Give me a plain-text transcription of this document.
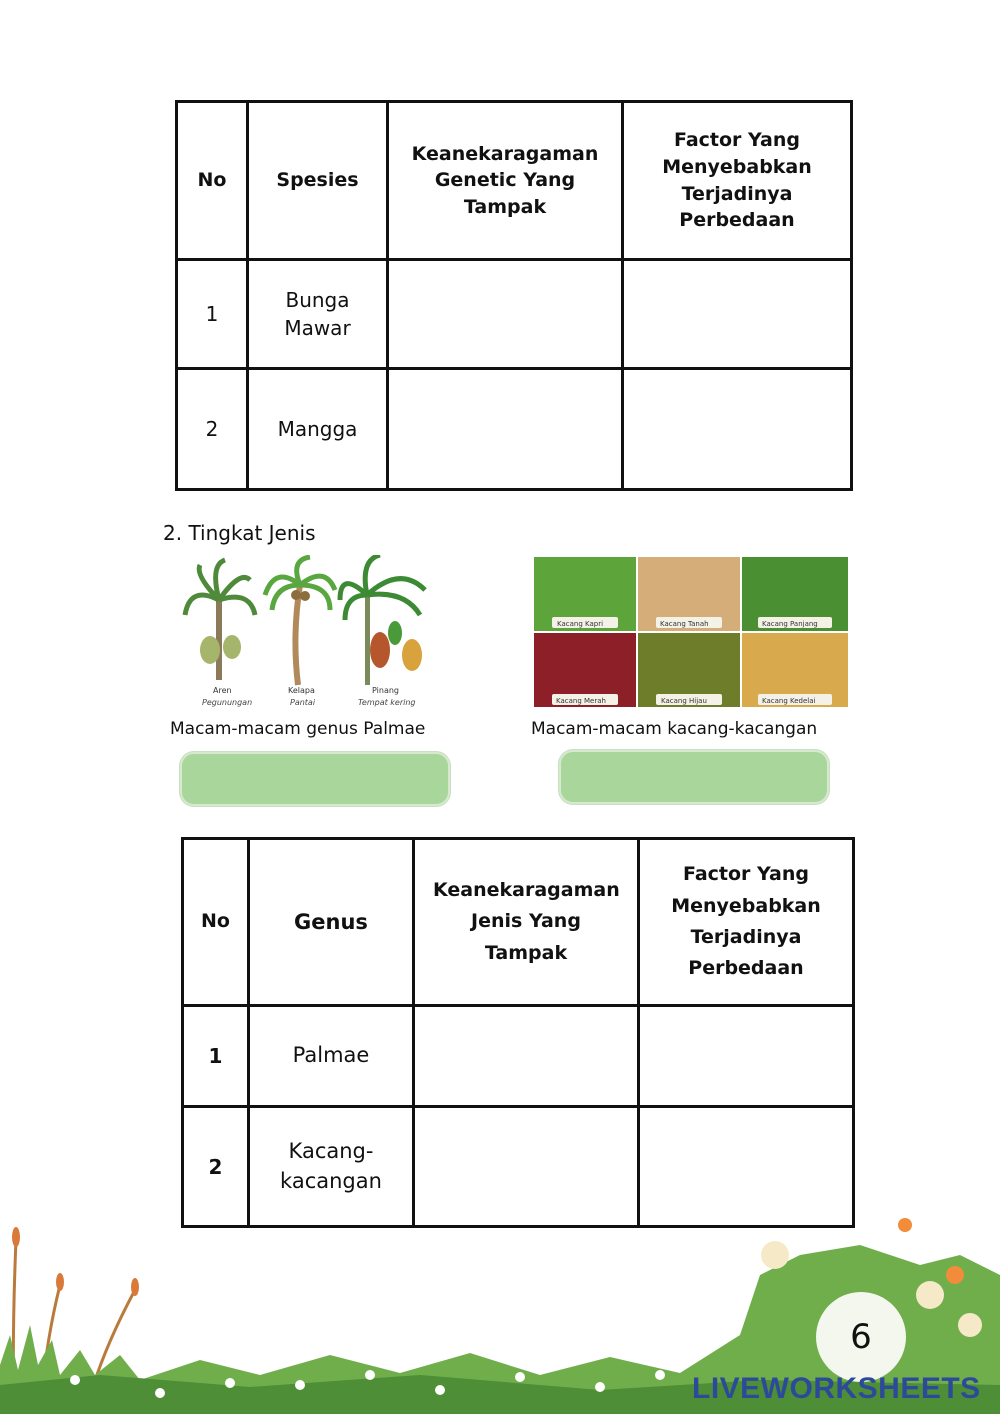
No	Spesies	Keanekaragaman Genetic Yang Tampak	Factor Yang Menyebabkan Terjadinya Perbedaan
1	Bunga Mawar		
2	Mangga		
2. Tingkat Jenis
Aren
Pegunungan
Kelapa
Pantai
Pinang
Tempat kering
Kacang Kapri	Kacang Tanah	Kacang Panjang
Kacang Merah	Kacang Hijau	Kacang Kedelai
Macam-macam genus Palmae	Macam-macam kacang-kacangan
No	Genus	Keanekaragaman Jenis Yang Tampak	Factor Yang Menyebabkan Terjadinya Perbedaan
1	Palmae		
2	Kacang-kacangan		
6
LIVEWORKSHEETS
